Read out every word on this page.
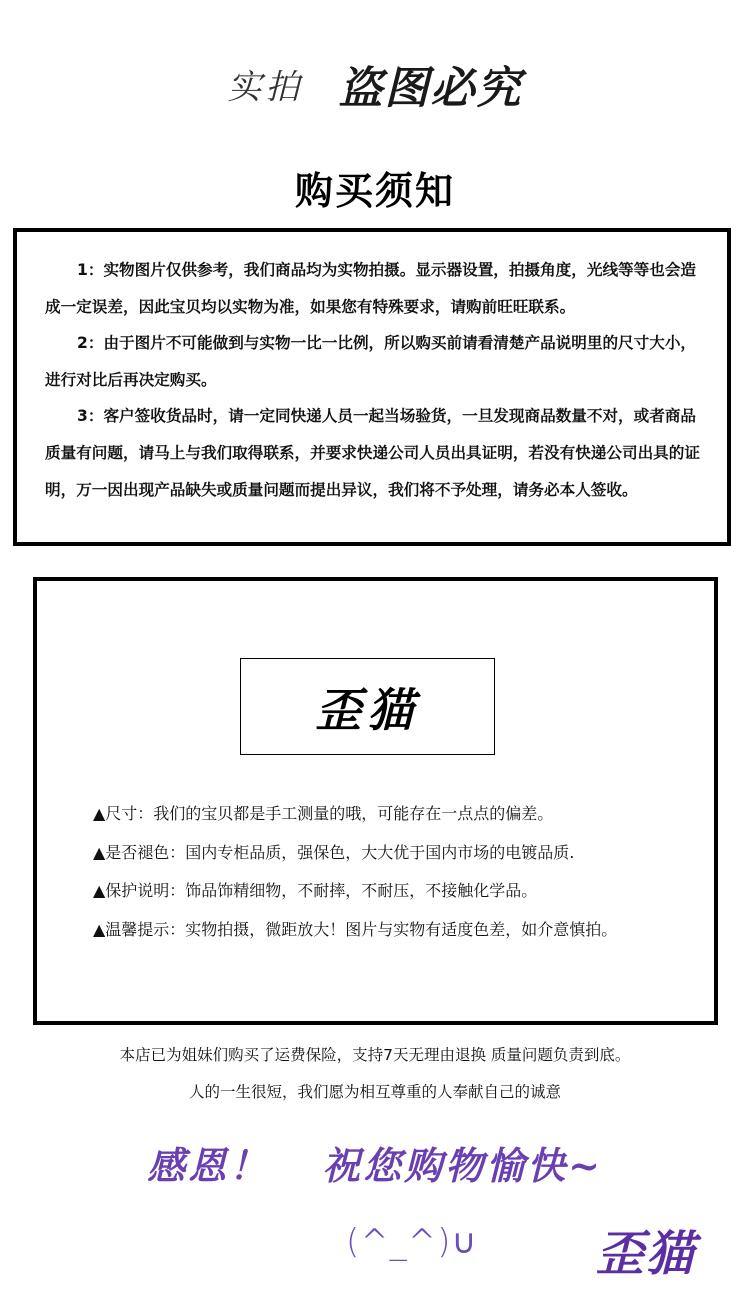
实拍 盗图必究
购买须知

1：实物图片仅供参考，我们商品均为实物拍摄。显示器设置，拍摄角度，光线等等也会造成一定误差，因此宝贝均以实物为准，如果您有特殊要求，请购前旺旺联系。

2：由于图片不可能做到与实物一比一比例，所以购买前请看清楚产品说明里的尺寸大小，进行对比后再决定购买。

3：客户签收货品时，请一定同快递人员一起当场验货，一旦发现商品数量不对，或者商品质量有问题，请马上与我们取得联系，并要求快递公司人员出具证明，若没有快递公司出具的证明，万一因出现产品缺失或质量问题而提出异议，我们将不予处理，请务必本人签收。

歪猫
▲尺寸：我们的宝贝都是手工测量的哦，可能存在一点点的偏差。
▲是否褪色：国内专柜品质，强保色，大大优于国内市场的电镀品质.
▲保护说明：饰品饰精细物，不耐摔，不耐压，不接触化学品。
▲温馨提示：实物拍摄，微距放大！图片与实物有适度色差，如介意慎拍。
本店已为姐妹们购买了运费保险，支持7天无理由退换 质量问题负责到底。
人的一生很短，我们愿为相互尊重的人奉献自己的诚意
感恩！ 祝您购物愉快~
(^_^)∪ 歪猫
